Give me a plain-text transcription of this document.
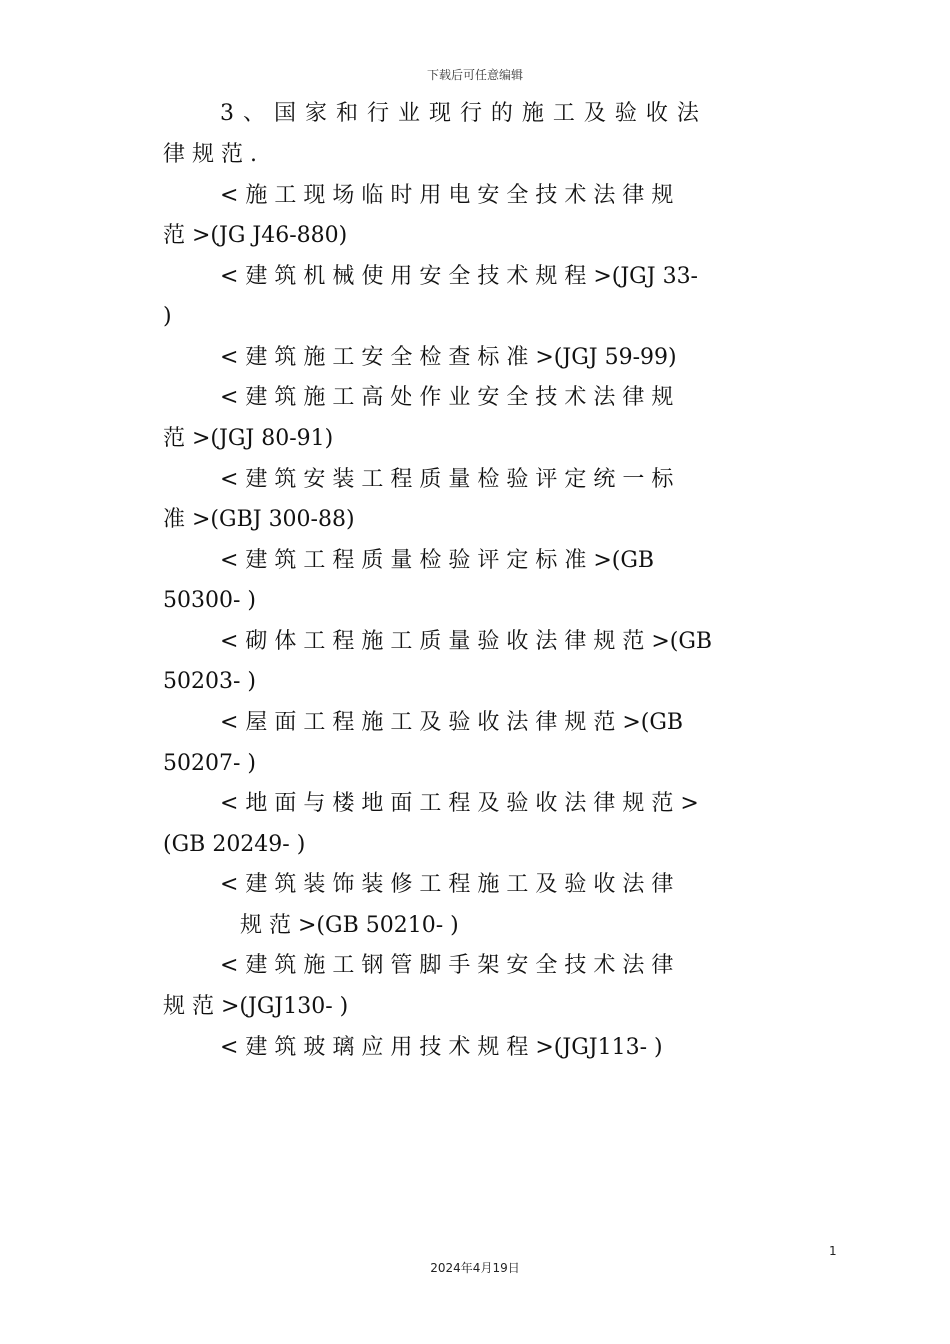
下载后可任意编辑
3 、 国 家 和 行 业 现 行 的 施 工 及 验 收 法
律 规 范 .
< 施 工 现 场 临 时 用 电 安 全 技 术 法 律 规
范 >(JG J46-880)
< 建 筑 机 械 使 用 安 全 技 术 规 程 >(JGJ 33-
)
< 建 筑 施 工 安 全 检 查 标 准 >(JGJ 59-99)
< 建 筑 施 工 高 处 作 业 安 全 技 术 法 律 规
范 >(JGJ 80-91)
< 建 筑 安 装 工 程 质 量 检 验 评 定 统 一 标
准 >(GBJ 300-88)
< 建 筑 工 程 质 量 检 验 评 定 标 准 >(GB
50300- )
< 砌 体 工 程 施 工 质 量 验 收 法 律 规 范 >(GB
50203- )
< 屋 面 工 程 施 工 及 验 收 法 律 规 范 >(GB
50207- )
< 地 面 与 楼 地 面 工 程 及 验 收 法 律 规 范 >
(GB 20249- )
< 建 筑 装 饰 装 修 工 程 施 工 及 验 收 法 律
规 范 >(GB 50210- )
< 建 筑 施 工 钢 管 脚 手 架 安 全 技 术 法 律
规 范 >(JGJ130- )
< 建 筑 玻 璃 应 用 技 术 规 程 >(JGJ113- )
1
2024年4月19日
